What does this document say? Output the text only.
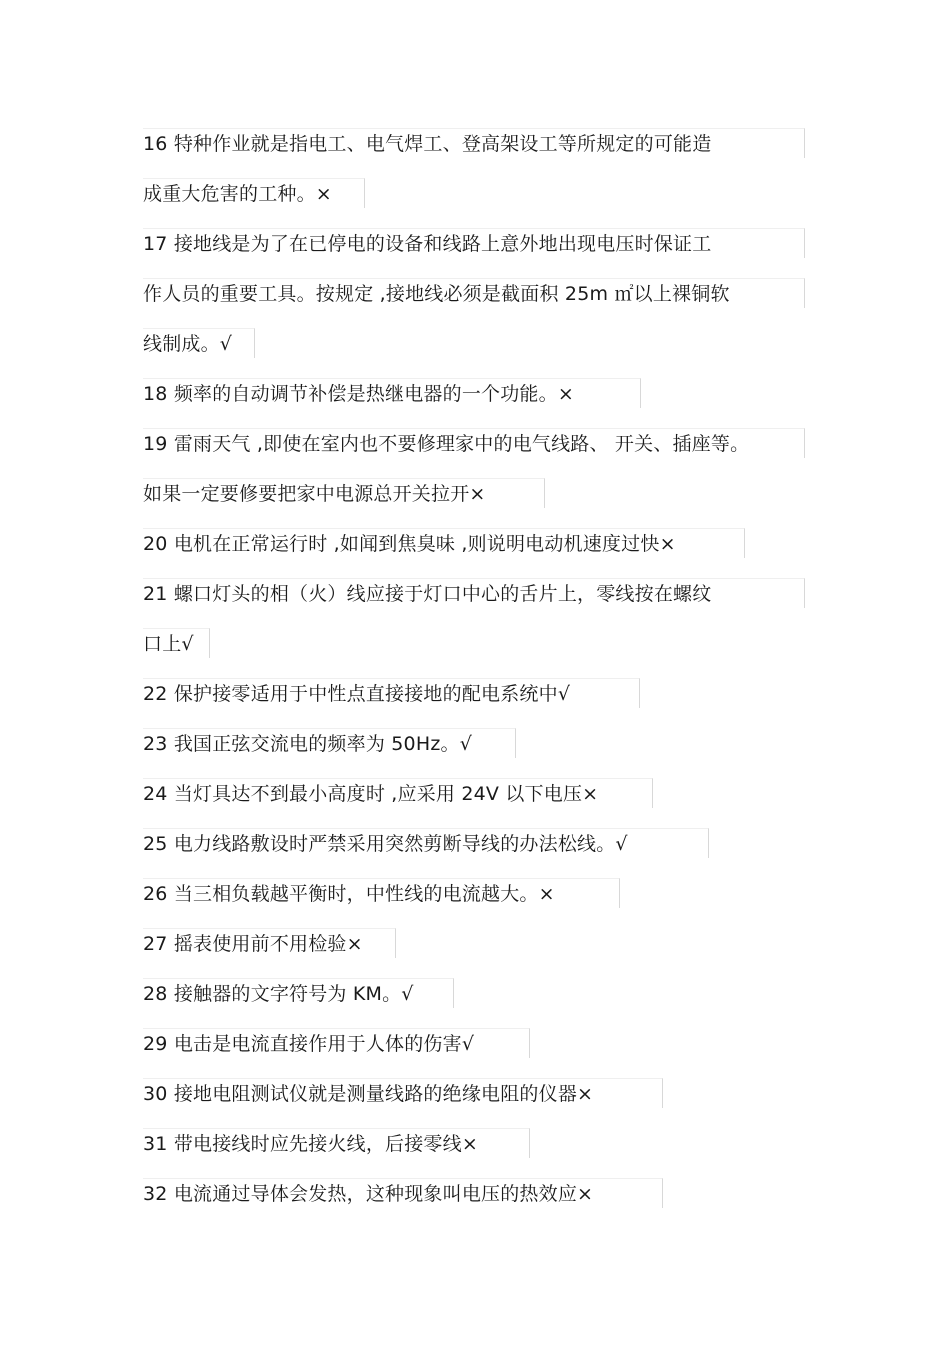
16 特种作业就是指电工、电气焊工、登高架设工等所规定的可能造
成重大危害的工种。×
17 接地线是为了在已停电的设备和线路上意外地出现电压时保证工
作人员的重要工具。按规定 ,接地线必须是截面积 25m ㎡以上裸铜软
线制成。√
18 频率的自动调节补偿是热继电器的一个功能。×
19 雷雨天气 ,即使在室内也不要修理家中的电气线路、 开关、插座等。
如果一定要修要把家中电源总开关拉开×
20 电机在正常运行时 ,如闻到焦臭味 ,则说明电动机速度过快×
21 螺口灯头的相（火）线应接于灯口中心的舌片上，零线按在螺纹
口上√
22 保护接零适用于中性点直接接地的配电系统中√
23 我国正弦交流电的频率为 50Hz。√
24 当灯具达不到最小高度时 ,应采用 24V 以下电压×
25 电力线路敷设时严禁采用突然剪断导线的办法松线。√
26 当三相负载越平衡时，中性线的电流越大。×
27 摇表使用前不用检验×
28 接触器的文字符号为 KM。√
29 电击是电流直接作用于人体的伤害√
30 接地电阻测试仪就是测量线路的绝缘电阻的仪器×
31 带电接线时应先接火线，后接零线×
32 电流通过导体会发热，这种现象叫电压的热效应×
